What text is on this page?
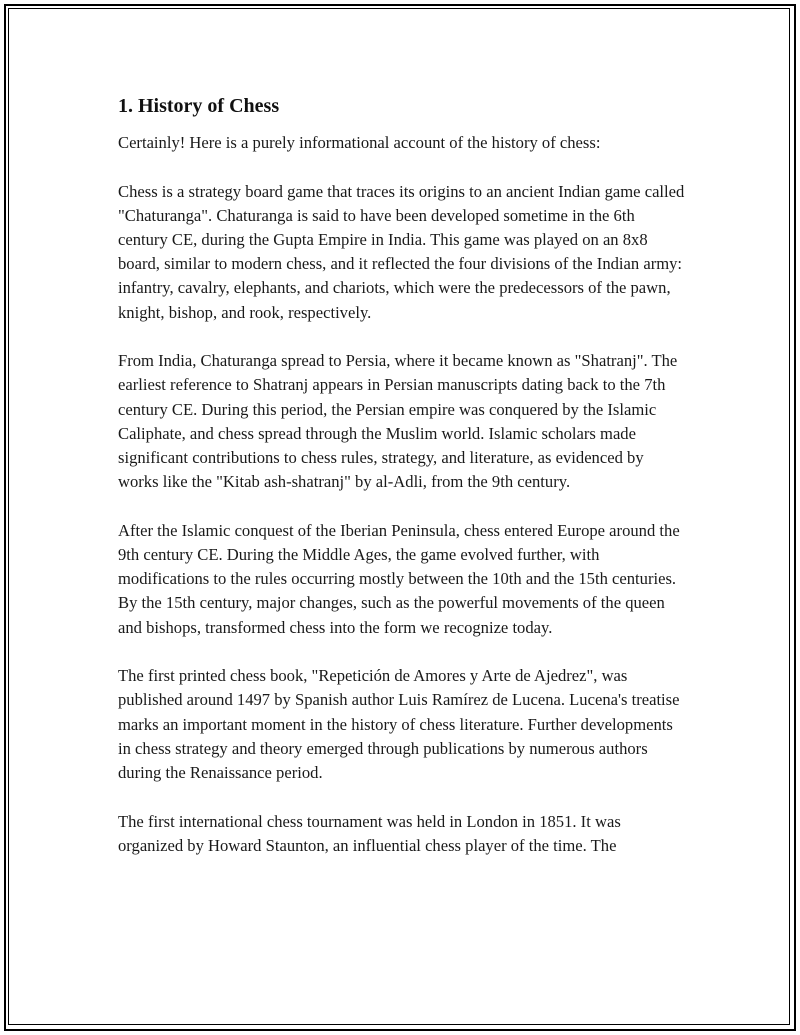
1. History of Chess

Certainly! Here is a purely informational account of the history of chess:

Chess is a strategy board game that traces its origins to an ancient Indian game called "Chaturanga". Chaturanga is said to have been developed sometime in the 6th century CE, during the Gupta Empire in India. This game was played on an 8x8 board, similar to modern chess, and it reflected the four divisions of the Indian army: infantry, cavalry, elephants, and chariots, which were the predecessors of the pawn, knight, bishop, and rook, respectively.

From India, Chaturanga spread to Persia, where it became known as "Shatranj". The earliest reference to Shatranj appears in Persian manuscripts dating back to the 7th century CE. During this period, the Persian empire was conquered by the Islamic Caliphate, and chess spread through the Muslim world. Islamic scholars made significant contributions to chess rules, strategy, and literature, as evidenced by works like the "Kitab ash-shatranj" by al-Adli, from the 9th century.

After the Islamic conquest of the Iberian Peninsula, chess entered Europe around the 9th century CE. During the Middle Ages, the game evolved further, with modifications to the rules occurring mostly between the 10th and the 15th centuries. By the 15th century, major changes, such as the powerful movements of the queen and bishops, transformed chess into the form we recognize today.

The first printed chess book, "Repetición de Amores y Arte de Ajedrez", was published around 1497 by Spanish author Luis Ramírez de Lucena. Lucena's treatise marks an important moment in the history of chess literature. Further developments in chess strategy and theory emerged through publications by numerous authors during the Renaissance period.

The first international chess tournament was held in London in 1851. It was organized by Howard Staunton, an influential chess player of the time. The
